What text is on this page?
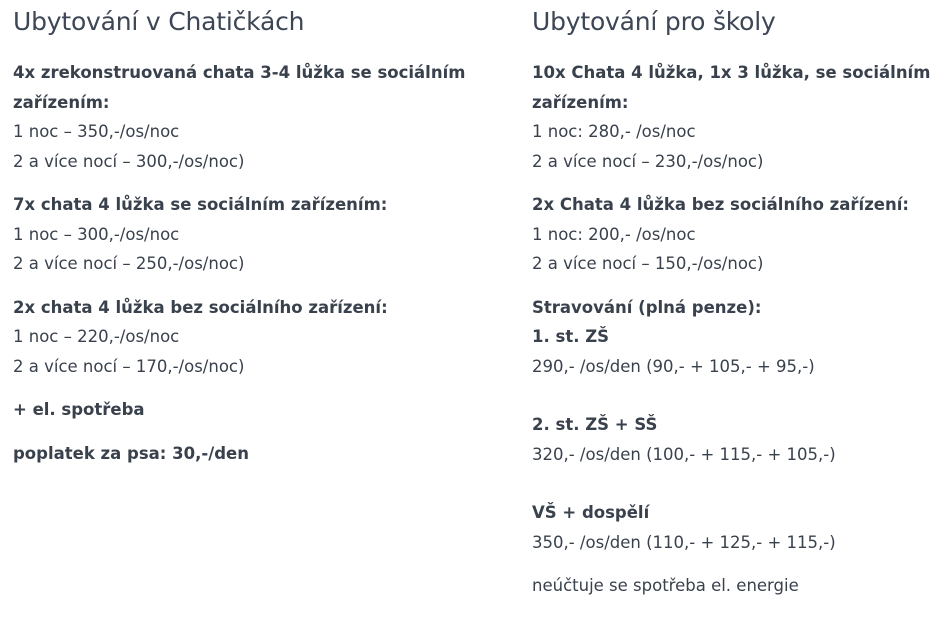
Ubytování v Chatičkách
4x zrekonstruovaná chata 3-4 lůžka se sociálním
zařízením:
1 noc – 350,-/os/noc
2 a více nocí – 300,-/os/noc)
7x chata 4 lůžka se sociálním zařízením:
1 noc – 300,-/os/noc
2 a více nocí – 250,-/os/noc)
2x chata 4 lůžka bez sociálního zařízení:
1 noc – 220,-/os/noc
2 a více nocí – 170,-/os/noc)

+ el. spotřeba

poplatek za psa: 30,-/den

Ubytování pro školy
10x Chata 4 lůžka, 1x 3 lůžka, se sociálním
zařízením:
1 noc: 280,- /os/noc
2 a více nocí – 230,-/os/noc)
2x Chata 4 lůžka bez sociálního zařízení:
1 noc: 200,- /os/noc
2 a více nocí – 150,-/os/noc)
Stravování (plná penze):
1. st. ZŠ
290,- /os/den (90,- + 105,- + 95,-)
2. st. ZŠ + SŠ
320,- /os/den (100,- + 115,- + 105,-)
VŠ + dospělí
350,- /os/den (110,- + 125,- + 115,-)

neúčtuje se spotřeba el. energie
